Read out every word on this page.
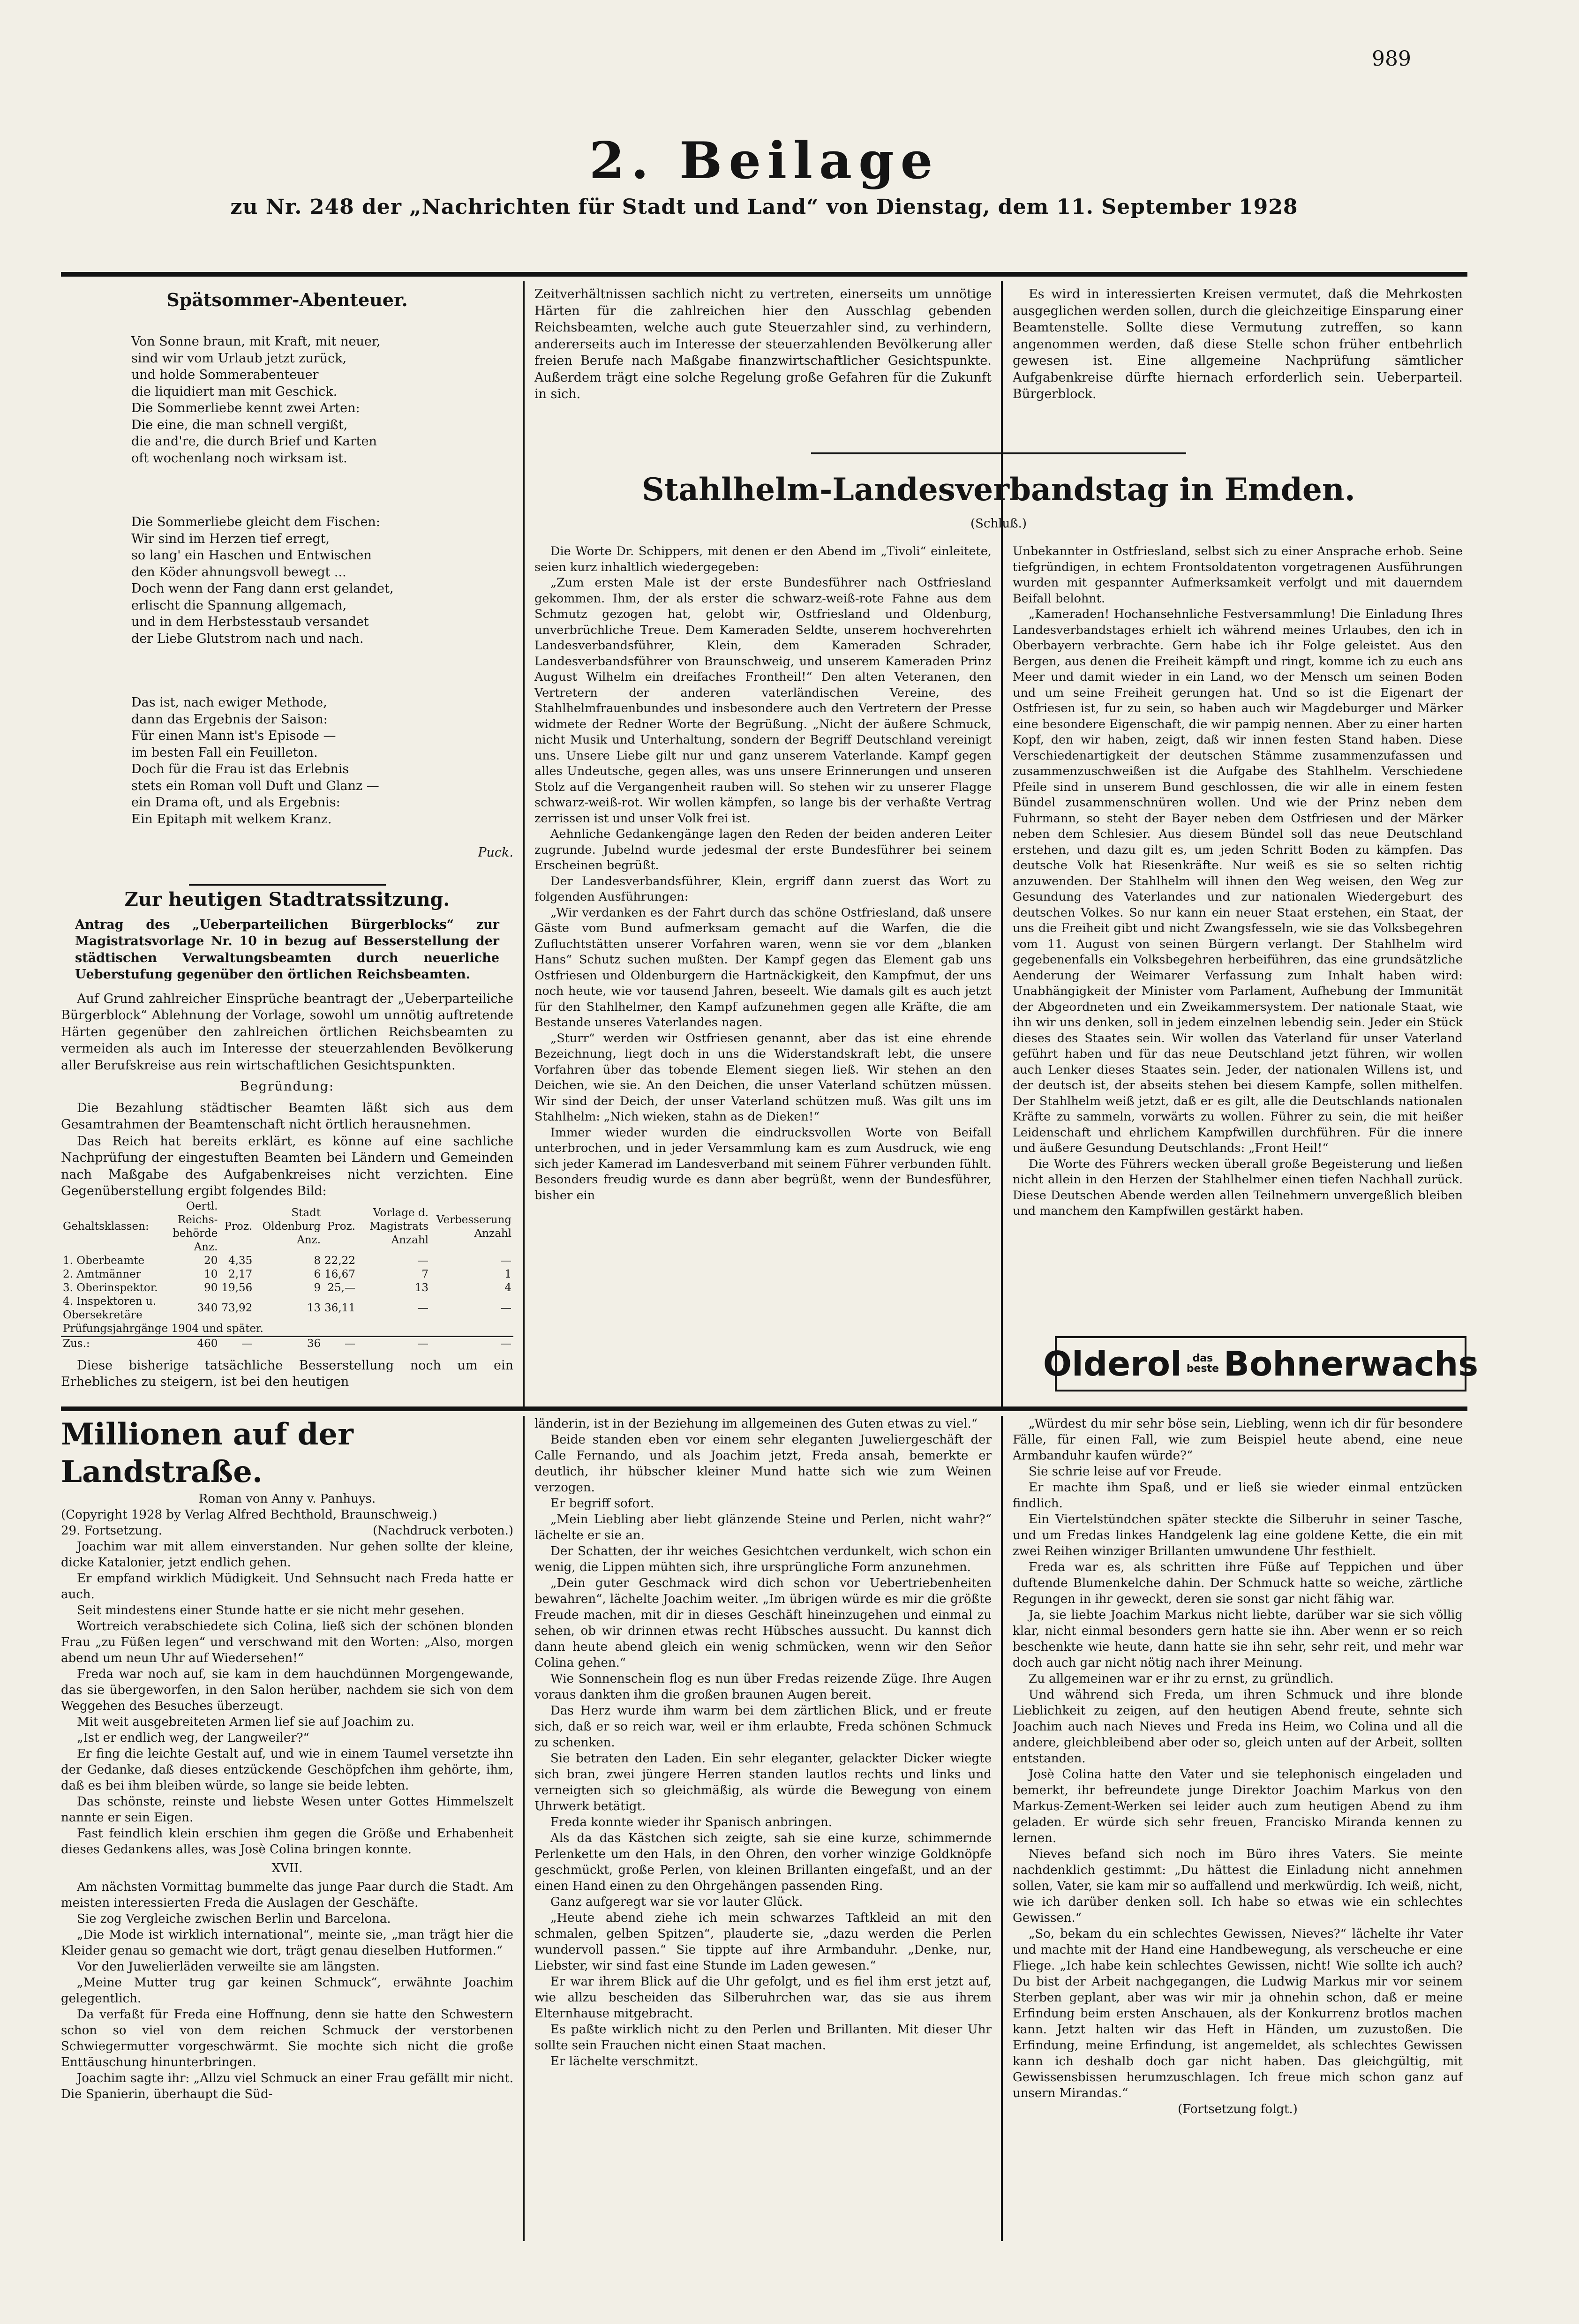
989
2. Beilage
zu Nr. 248 der „Nachrichten für Stadt und Land“ von Dienstag, dem 11. September 1928
Spätsommer-Abenteuer.

Von Sonne braun, mit Kraft, mit neuer,
sind wir vom Urlaub jetzt zurück,
und holde Sommerabenteuer
die liquidiert man mit Geschick.
Die Sommerliebe kennt zwei Arten:
Die eine, die man schnell vergißt,
die and're, die durch Brief und Karten
oft wochenlang noch wirksam ist.

Die Sommerliebe gleicht dem Fischen:
Wir sind im Herzen tief erregt,
so lang' ein Haschen und Entwischen
den Köder ahnungsvoll bewegt ...
Doch wenn der Fang dann erst gelandet,
erlischt die Spannung allgemach,
und in dem Herbstesstaub versandet
der Liebe Glutstrom nach und nach.

Das ist, nach ewiger Methode,
dann das Ergebnis der Saison:
Für einen Mann ist's Episode —
im besten Fall ein Feuilleton.
Doch für die Frau ist das Erlebnis
stets ein Roman voll Duft und Glanz —
ein Drama oft, und als Ergebnis:
Ein Epitaph mit welkem Kranz.

Puck.
Zur heutigen Stadtratssitzung.

Antrag des „Ueberparteilichen Bürgerblocks“ zur Magistratsvorlage Nr. 10 in bezug auf Besserstellung der städtischen Verwaltungsbeamten durch neuerliche Ueberstufung gegenüber den örtlichen Reichsbeamten.

Auf Grund zahlreicher Einsprüche beantragt der „Ueberparteiliche Bürgerblock“ Ablehnung der Vorlage, sowohl um unnötig auftretende Härten gegenüber den zahlreichen örtlichen Reichsbeamten zu vermeiden als auch im Interesse der steuerzahlenden Bevölkerung aller Berufskreise aus rein wirtschaftlichen Gesichtspunkten.

Begründung:

Die Bezahlung städtischer Beamten läßt sich aus dem Gesamtrahmen der Beamtenschaft nicht örtlich herausnehmen.

Das Reich hat bereits erklärt, es könne auf eine sachliche Nachprüfung der eingestuften Beamten bei Ländern und Gemeinden nach Maßgabe des Aufgabenkreises nicht verzichten. Eine Gegenüberstellung ergibt folgendes Bild:

Gehaltsklassen:	Oertl. Reichs-behörde Anz.	Proz.	Stadt Oldenburg Anz.	Proz.	Vorlage d. Magistrats Anzahl	Verbesserung Anzahl
1. Oberbeamte	20	4,35	8	22,22	—	—
2. Amtmänner	10	2,17	6	16,67	7	1
3. Oberinspektor.	90	19,56	9	25,—	13	4
4. Inspektoren u. Obersekretäre	340	73,92	13	36,11	—	—
Prüfungsjahrgänge 1904 und später.						
Zus.:	460	—	36	—	—	—

Diese bisherige tatsächliche Besserstellung noch um ein Erhebliches zu steigern, ist bei den heutigen

Zeitverhältnissen sachlich nicht zu vertreten, einerseits um unnötige Härten für die zahlreichen hier den Ausschlag gebenden Reichsbeamten, welche auch gute Steuerzahler sind, zu verhindern, andererseits auch im Interesse der steuerzahlenden Bevölkerung aller freien Berufe nach Maßgabe finanzwirtschaftlicher Gesichtspunkte. Außerdem trägt eine solche Regelung große Gefahren für die Zukunft in sich.

Es wird in interessierten Kreisen vermutet, daß die Mehrkosten ausgeglichen werden sollen, durch die gleichzeitige Einsparung einer Beamtenstelle. Sollte diese Vermutung zutreffen, so kann angenommen werden, daß diese Stelle schon früher entbehrlich gewesen ist. Eine allgemeine Nachprüfung sämtlicher Aufgabenkreise dürfte hiernach erforderlich sein. Ueberparteil. Bürgerblock.

Stahlhelm-Landesverbandstag in Emden.

(Schluß.)

Die Worte Dr. Schippers, mit denen er den Abend im „Tivoli“ einleitete, seien kurz inhaltlich wiedergegeben:

„Zum ersten Male ist der erste Bundesführer nach Ostfriesland gekommen. Ihm, der als erster die schwarz-weiß-rote Fahne aus dem Schmutz gezogen hat, gelobt wir, Ostfriesland und Oldenburg, unverbrüchliche Treue. Dem Kameraden Seldte, unserem hochverehrten Landesverbandsführer, Klein, dem Kameraden Schrader, Landesverbandsführer von Braunschweig, und unserem Kameraden Prinz August Wilhelm ein dreifaches Frontheil!“ Den alten Veteranen, den Vertretern der anderen vaterländischen Vereine, des Stahlhelmfrauenbundes und insbesondere auch den Vertretern der Presse widmete der Redner Worte der Begrüßung. „Nicht der äußere Schmuck, nicht Musik und Unterhaltung, sondern der Begriff Deutschland vereinigt uns. Unsere Liebe gilt nur und ganz unserem Vaterlande. Kampf gegen alles Undeutsche, gegen alles, was uns unsere Erinnerungen und unseren Stolz auf die Vergangenheit rauben will. So stehen wir zu unserer Flagge schwarz-weiß-rot. Wir wollen kämpfen, so lange bis der verhaßte Vertrag zerrissen ist und unser Volk frei ist.

Aehnliche Gedankengänge lagen den Reden der beiden anderen Leiter zugrunde. Jubelnd wurde jedesmal der erste Bundesführer bei seinem Erscheinen begrüßt.

Der Landesverbandsführer, Klein, ergriff dann zuerst das Wort zu folgenden Ausführungen:

„Wir verdanken es der Fahrt durch das schöne Ostfriesland, daß unsere Gäste vom Bund aufmerksam gemacht auf die Warfen, die die Zufluchtstätten unserer Vorfahren waren, wenn sie vor dem „blanken Hans“ Schutz suchen mußten. Der Kampf gegen das Element gab uns Ostfriesen und Oldenburgern die Hartnäckigkeit, den Kampfmut, der uns noch heute, wie vor tausend Jahren, beseelt. Wie damals gilt es auch jetzt für den Stahlhelmer, den Kampf aufzunehmen gegen alle Kräfte, die am Bestande unseres Vaterlandes nagen.

„Sturr“ werden wir Ostfriesen genannt, aber das ist eine ehrende Bezeichnung, liegt doch in uns die Widerstandskraft lebt, die unsere Vorfahren über das tobende Element siegen ließ. Wir stehen an den Deichen, wie sie. An den Deichen, die unser Vaterland schützen müssen. Wir sind der Deich, der unser Vaterland schützen muß. Was gilt uns im Stahlhelm: „Nich wieken, stahn as de Dieken!“

Immer wieder wurden die eindrucksvollen Worte von Beifall unterbrochen, und in jeder Versammlung kam es zum Ausdruck, wie eng sich jeder Kamerad im Landesverband mit seinem Führer verbunden fühlt. Besonders freudig wurde es dann aber begrüßt, wenn der Bundesführer, bisher ein

Unbekannter in Ostfriesland, selbst sich zu einer Ansprache erhob. Seine tiefgründigen, in echtem Frontsoldatenton vorgetragenen Ausführungen wurden mit gespannter Aufmerksamkeit verfolgt und mit dauerndem Beifall belohnt.

„Kameraden! Hochansehnliche Festversammlung! Die Einladung Ihres Landesverbandstages erhielt ich während meines Urlaubes, den ich in Oberbayern verbrachte. Gern habe ich ihr Folge geleistet. Aus den Bergen, aus denen die Freiheit kämpft und ringt, komme ich zu euch ans Meer und damit wieder in ein Land, wo der Mensch um seinen Boden und um seine Freiheit gerungen hat. Und so ist die Eigenart der Ostfriesen ist, fur zu sein, so haben auch wir Magdeburger und Märker eine besondere Eigenschaft, die wir pampig nennen. Aber zu einer harten Kopf, den wir haben, zeigt, daß wir innen festen Stand haben. Diese Verschiedenartigkeit der deutschen Stämme zusammenzufassen und zusammenzuschweißen ist die Aufgabe des Stahlhelm. Verschiedene Pfeile sind in unserem Bund geschlossen, die wir alle in einem festen Bündel zusammenschnüren wollen. Und wie der Prinz neben dem Fuhrmann, so steht der Bayer neben dem Ostfriesen und der Märker neben dem Schlesier. Aus diesem Bündel soll das neue Deutschland erstehen, und dazu gilt es, um jeden Schritt Boden zu kämpfen. Das deutsche Volk hat Riesenkräfte. Nur weiß es sie so selten richtig anzuwenden. Der Stahlhelm will ihnen den Weg weisen, den Weg zur Gesundung des Vaterlandes und zur nationalen Wiedergeburt des deutschen Volkes. So nur kann ein neuer Staat erstehen, ein Staat, der uns die Freiheit gibt und nicht Zwangsfesseln, wie sie das Volksbegehren vom 11. August von seinen Bürgern verlangt. Der Stahlhelm wird gegebenenfalls ein Volksbegehren herbeiführen, das eine grundsätzliche Aenderung der Weimarer Verfassung zum Inhalt haben wird: Unabhängigkeit der Minister vom Parlament, Aufhebung der Immunität der Abgeordneten und ein Zweikammersystem. Der nationale Staat, wie ihn wir uns denken, soll in jedem einzelnen lebendig sein. Jeder ein Stück dieses des Staates sein. Wir wollen das Vaterland für unser Vaterland geführt haben und für das neue Deutschland jetzt führen, wir wollen auch Lenker dieses Staates sein. Jeder, der nationalen Willens ist, und der deutsch ist, der abseits stehen bei diesem Kampfe, sollen mithelfen. Der Stahlhelm weiß jetzt, daß er es gilt, alle die Deutschlands nationalen Kräfte zu sammeln, vorwärts zu wollen. Führer zu sein, die mit heißer Leidenschaft und ehrlichem Kampfwillen durchführen. Für die innere und äußere Gesundung Deutschlands: „Front Heil!“

Die Worte des Führers wecken überall große Begeisterung und ließen nicht allein in den Herzen der Stahlhelmer einen tiefen Nachhall zurück. Diese Deutschen Abende werden allen Teilnehmern unvergeßlich bleiben und manchem den Kampfwillen gestärkt haben.

Olderol	das beste Bohnerwachs
Millionen auf der Landstraße.

Roman von Anny v. Panhuys.

(Copyright 1928 by Verlag Alfred Bechthold, Braunschweig.)

29. Fortsetzung.	(Nachdruck verboten.)

Joachim war mit allem einverstanden. Nur gehen sollte der kleine, dicke Katalonier, jetzt endlich gehen.

Er empfand wirklich Müdigkeit. Und Sehnsucht nach Freda hatte er auch.

Seit mindestens einer Stunde hatte er sie nicht mehr gesehen.

Wortreich verabschiedete sich Colina, ließ sich der schönen blonden Frau „zu Füßen legen“ und verschwand mit den Worten: „Also, morgen abend um neun Uhr auf Wiedersehen!“

Freda war noch auf, sie kam in dem hauchdünnen Morgengewande, das sie übergeworfen, in den Salon herüber, nachdem sie sich von dem Weggehen des Besuches überzeugt.

Mit weit ausgebreiteten Armen lief sie auf Joachim zu.

„Ist er endlich weg, der Langweiler?“

Er fing die leichte Gestalt auf, und wie in einem Taumel versetzte ihn der Gedanke, daß dieses entzückende Geschöpfchen ihm gehörte, ihm, daß es bei ihm bleiben würde, so lange sie beide lebten.

Das schönste, reinste und liebste Wesen unter Gottes Himmelszelt nannte er sein Eigen.

Fast feindlich klein erschien ihm gegen die Größe und Erhabenheit dieses Gedankens alles, was Josè Colina bringen konnte.

XVII.

Am nächsten Vormittag bummelte das junge Paar durch die Stadt. Am meisten interessierten Freda die Auslagen der Geschäfte.

Sie zog Vergleiche zwischen Berlin und Barcelona.

„Die Mode ist wirklich international“, meinte sie, „man trägt hier die Kleider genau so gemacht wie dort, trägt genau dieselben Hutformen.“

Vor den Juwelierläden verweilte sie am längsten.

„Meine Mutter trug gar keinen Schmuck“, erwähnte Joachim gelegentlich.

Da verfaßt für Freda eine Hoffnung, denn sie hatte den Schwestern schon so viel von dem reichen Schmuck der verstorbenen Schwiegermutter vorgeschwärmt. Sie mochte sich nicht die große Enttäuschung hinunterbringen.

Joachim sagte ihr: „Allzu viel Schmuck an einer Frau gefällt mir nicht. Die Spanierin, überhaupt die Süd-

länderin, ist in der Beziehung im allgemeinen des Guten etwas zu viel.“

Beide standen eben vor einem sehr eleganten Juweliergeschäft der Calle Fernando, und als Joachim jetzt, Freda ansah, bemerkte er deutlich, ihr hübscher kleiner Mund hatte sich wie zum Weinen verzogen.

Er begriff sofort.

„Mein Liebling aber liebt glänzende Steine und Perlen, nicht wahr?“ lächelte er sie an.

Der Schatten, der ihr weiches Gesichtchen verdunkelt, wich schon ein wenig, die Lippen mühten sich, ihre ursprüngliche Form anzunehmen.

„Dein guter Geschmack wird dich schon vor Uebertriebenheiten bewahren“, lächelte Joachim weiter. „Im übrigen würde es mir die größte Freude machen, mit dir in dieses Geschäft hineinzugehen und einmal zu sehen, ob wir drinnen etwas recht Hübsches aussucht. Du kannst dich dann heute abend gleich ein wenig schmücken, wenn wir den Señor Colina gehen.“

Wie Sonnenschein flog es nun über Fredas reizende Züge. Ihre Augen voraus dankten ihm die großen braunen Augen bereit.

Das Herz wurde ihm warm bei dem zärtlichen Blick, und er freute sich, daß er so reich war, weil er ihm erlaubte, Freda schönen Schmuck zu schenken.

Sie betraten den Laden. Ein sehr eleganter, gelackter Dicker wiegte sich bran, zwei jüngere Herren standen lautlos rechts und links und verneigten sich so gleichmäßig, als würde die Bewegung von einem Uhrwerk betätigt.

Freda konnte wieder ihr Spanisch anbringen.

Als da das Kästchen sich zeigte, sah sie eine kurze, schimmernde Perlenkette um den Hals, in den Ohren, den vorher winzige Goldknöpfe geschmückt, große Perlen, von kleinen Brillanten eingefaßt, und an der einen Hand einen zu den Ohrgehängen passenden Ring.

Ganz aufgeregt war sie vor lauter Glück.

„Heute abend ziehe ich mein schwarzes Taftkleid an mit den schmalen, gelben Spitzen“, plauderte sie, „dazu werden die Perlen wundervoll passen.“ Sie tippte auf ihre Armbanduhr. „Denke, nur, Liebster, wir sind fast eine Stunde im Laden gewesen.“

Er war ihrem Blick auf die Uhr gefolgt, und es fiel ihm erst jetzt auf, wie allzu bescheiden das Silberuhrchen war, das sie aus ihrem Elternhause mitgebracht.

Es paßte wirklich nicht zu den Perlen und Brillanten. Mit dieser Uhr sollte sein Frauchen nicht einen Staat machen.

Er lächelte verschmitzt.

„Würdest du mir sehr böse sein, Liebling, wenn ich dir für besondere Fälle, für einen Fall, wie zum Beispiel heute abend, eine neue Armbanduhr kaufen würde?“

Sie schrie leise auf vor Freude.

Er machte ihm Spaß, und er ließ sie wieder einmal entzücken findlich.

Ein Viertelstündchen später steckte die Silberuhr in seiner Tasche, und um Fredas linkes Handgelenk lag eine goldene Kette, die ein mit zwei Reihen winziger Brillanten umwundene Uhr festhielt.

Freda war es, als schritten ihre Füße auf Teppichen und über duftende Blumenkelche dahin. Der Schmuck hatte so weiche, zärtliche Regungen in ihr geweckt, deren sie sonst gar nicht fähig war.

Ja, sie liebte Joachim Markus nicht liebte, darüber war sie sich völlig klar, nicht einmal besonders gern hatte sie ihn. Aber wenn er so reich beschenkte wie heute, dann hatte sie ihn sehr, sehr reit, und mehr war doch auch gar nicht nötig nach ihrer Meinung.

Zu allgemeinen war er ihr zu ernst, zu gründlich.

Und während sich Freda, um ihren Schmuck und ihre blonde Lieblichkeit zu zeigen, auf den heutigen Abend freute, sehnte sich Joachim auch nach Nieves und Freda ins Heim, wo Colina und all die andere, gleichbleibend aber oder so, gleich unten auf der Arbeit, sollten entstanden.

Josè Colina hatte den Vater und sie telephonisch eingeladen und bemerkt, ihr befreundete junge Direktor Joachim Markus von den Markus-Zement-Werken sei leider auch zum heutigen Abend zu ihm geladen. Er würde sich sehr freuen, Francisko Miranda kennen zu lernen.

Nieves befand sich noch im Büro ihres Vaters. Sie meinte nachdenklich gestimmt: „Du hättest die Einladung nicht annehmen sollen, Vater, sie kam mir so auffallend und merkwürdig. Ich weiß, nicht, wie ich darüber denken soll. Ich habe so etwas wie ein schlechtes Gewissen.“

„So, bekam du ein schlechtes Gewissen, Nieves?“ lächelte ihr Vater und machte mit der Hand eine Handbewegung, als verscheuche er eine Fliege. „Ich habe kein schlechtes Gewissen, nicht! Wie sollte ich auch? Du bist der Arbeit nachgegangen, die Ludwig Markus mir vor seinem Sterben geplant, aber was wir mir ja ohnehin schon, daß er meine Erfindung beim ersten Anschauen, als der Konkurrenz brotlos machen kann. Jetzt halten wir das Heft in Händen, um zuzustoßen. Die Erfindung, meine Erfindung, ist angemeldet, als schlechtes Gewissen kann ich deshalb doch gar nicht haben. Das gleichgültig, mit Gewissensbissen herumzuschlagen. Ich freue mich schon ganz auf unsern Mirandas.“

(Fortsetzung folgt.)
